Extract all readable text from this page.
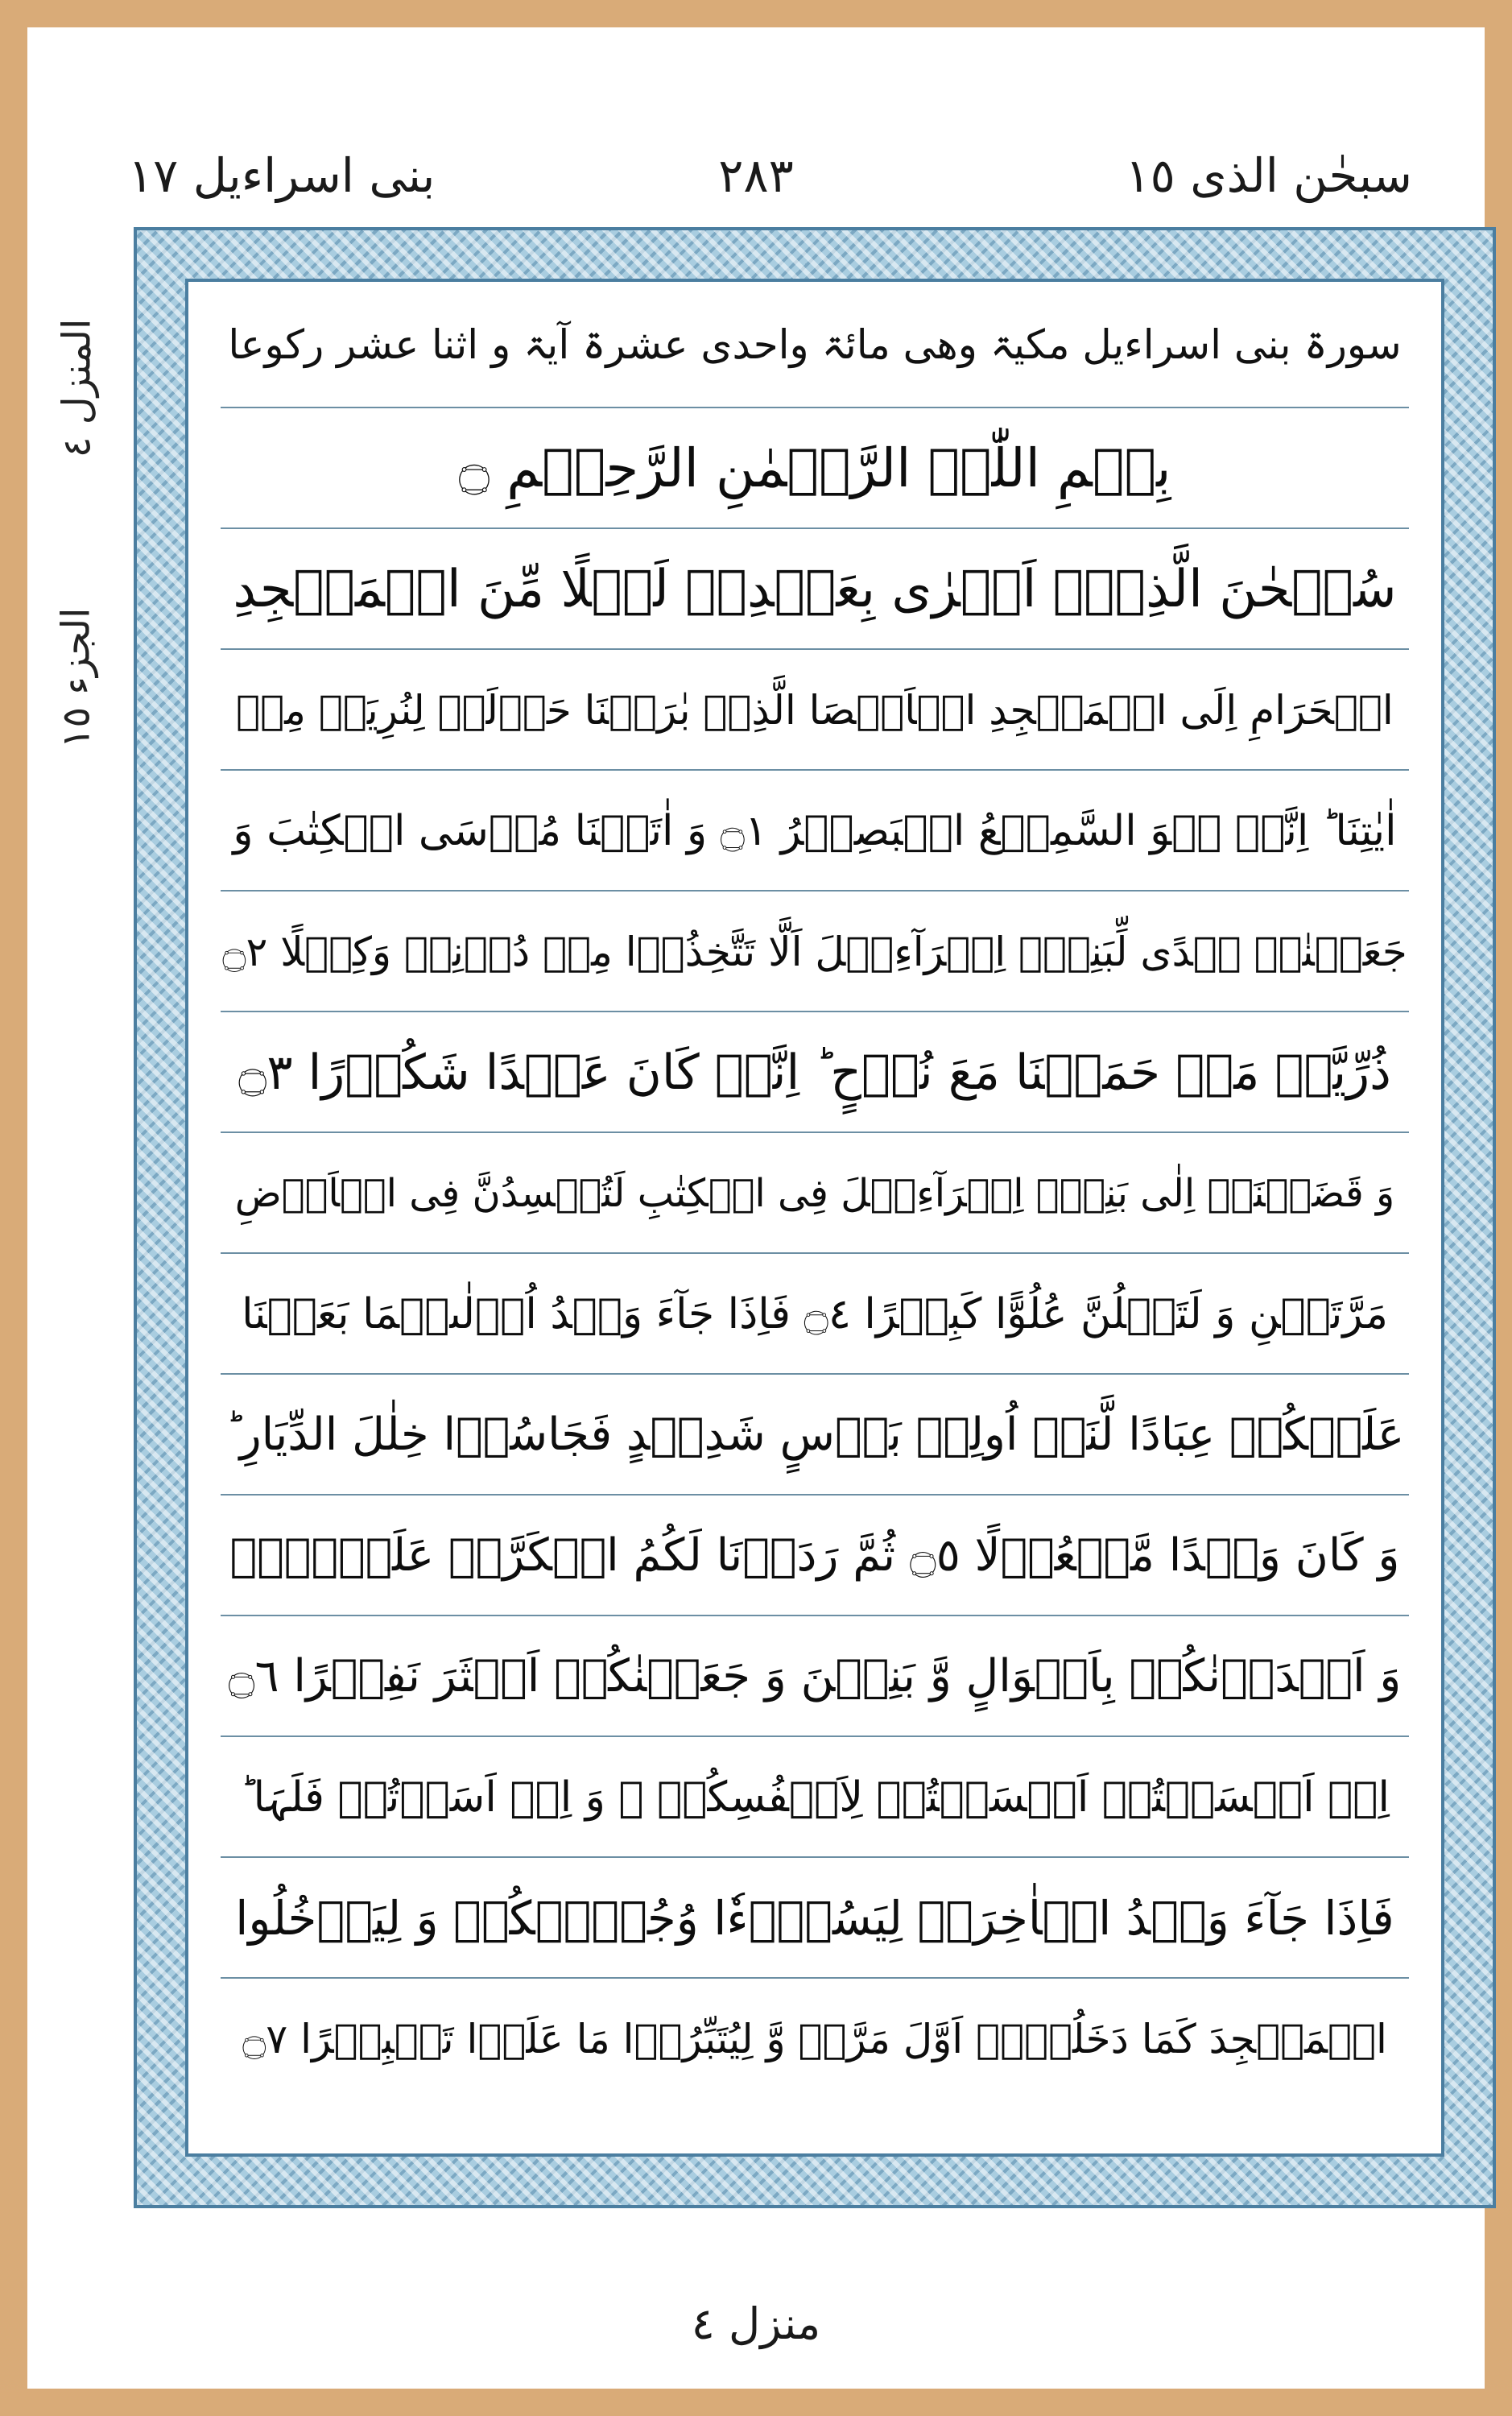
سبحٰن الذی ١٥
٢٨٣
بنی اسراءیل ١٧
المنزل ٤
الجزء ١٥
سورۃ بنی اسراءیل مکیۃ وھی مائۃ واحدی عشرۃ آیۃ و اثنا عشر رکوعا
بِسۡمِ اللّٰہِ الرَّحۡمٰنِ الرَّحِیۡمِ ۝
سُبۡحٰنَ الَّذِیۡۤ اَسۡرٰی بِعَبۡدِہٖ لَیۡلًا مِّنَ الۡمَسۡجِدِ
الۡحَرَامِ اِلَی الۡمَسۡجِدِ الۡاَقۡصَا الَّذِیۡ بٰرَکۡنَا حَوۡلَہٗ لِنُرِیَہٗ مِنۡ
اٰیٰتِنَا ؕ اِنَّہٗ ہُوَ السَّمِیۡعُ الۡبَصِیۡرُ ۝١ وَ اٰتَیۡنَا مُوۡسَی الۡکِتٰبَ وَ
جَعَلۡنٰہُ ہُدًی لِّبَنِیۡۤ اِسۡرَآءِیۡلَ اَلَّا تَتَّخِذُوۡا مِنۡ دُوۡنِیۡ وَکِیۡلًا ۝٢
ذُرِّیَّۃَ مَنۡ حَمَلۡنَا مَعَ نُوۡحٍ ؕ اِنَّہٗ کَانَ عَبۡدًا شَکُوۡرًا ۝٣
وَ قَضَیۡنَاۤ اِلٰی بَنِیۡۤ اِسۡرَآءِیۡلَ فِی الۡکِتٰبِ لَتُفۡسِدُنَّ فِی الۡاَرۡضِ
مَرَّتَیۡنِ وَ لَتَعۡلُنَّ عُلُوًّا کَبِیۡرًا ۝٤ فَاِذَا جَآءَ وَعۡدُ اُوۡلٰىہُمَا بَعَثۡنَا
عَلَیۡکُمۡ عِبَادًا لَّنَاۤ اُولِیۡ بَاۡسٍ شَدِیۡدٍ فَجَاسُوۡا خِلٰلَ الدِّیَارِ ؕ
وَ کَانَ وَعۡدًا مَّفۡعُوۡلًا ۝٥ ثُمَّ رَدَدۡنَا لَکُمُ الۡکَرَّۃَ عَلَیۡہِمۡ
وَ اَمۡدَدۡنٰکُمۡ بِاَمۡوَالٍ وَّ بَنِیۡنَ وَ جَعَلۡنٰکُمۡ اَکۡثَرَ نَفِیۡرًا ۝٦
اِنۡ اَحۡسَنۡتُمۡ اَحۡسَنۡتُمۡ لِاَنۡفُسِکُمۡ ۟ وَ اِنۡ اَسَاۡتُمۡ فَلَہَا ؕ
فَاِذَا جَآءَ وَعۡدُ الۡاٰخِرَۃِ لِیَسُوۡٓءٗا وُجُوۡہَکُمۡ وَ لِیَدۡخُلُوا
الۡمَسۡجِدَ کَمَا دَخَلُوۡہُ اَوَّلَ مَرَّۃٍ وَّ لِیُتَبِّرُوۡا مَا عَلَوۡا تَتۡبِیۡرًا ۝٧
منزل ٤
